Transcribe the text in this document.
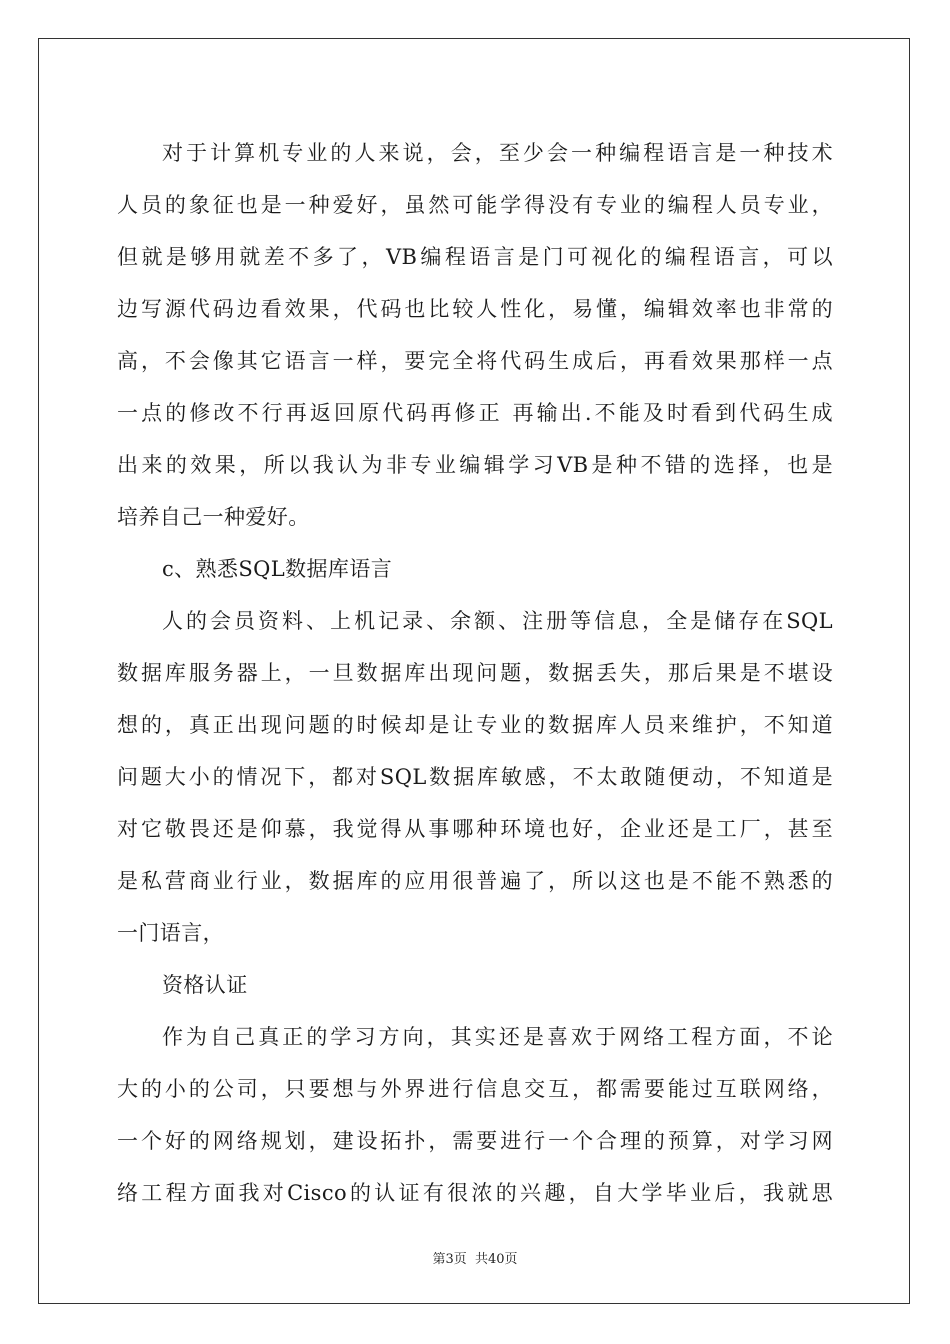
对于计算机专业的人来说，会，至少会一种编程语言是一种技术
人员的象征也是一种爱好，虽然可能学得没有专业的编程人员专业，
但就是够用就差不多了，VB编程语言是门可视化的编程语言，可以
边写源代码边看效果，代码也比较人性化，易懂，编辑效率也非常的
高，不会像其它语言一样，要完全将代码生成后，再看效果那样一点
一点的修改不行再返回原代码再修正 再输出.不能及时看到代码生成
出来的效果，所以我认为非专业编辑学习VB是种不错的选择，也是
培养自己一种爱好。
c、熟悉SQL数据库语言
人的会员资料、上机记录、余额、注册等信息，全是储存在SQL
数据库服务器上，一旦数据库出现问题，数据丢失，那后果是不堪设
想的，真正出现问题的时候却是让专业的数据库人员来维护，不知道
问题大小的情况下，都对SQL数据库敏感，不太敢随便动，不知道是
对它敬畏还是仰慕，我觉得从事哪种环境也好，企业还是工厂，甚至
是私营商业行业，数据库的应用很普遍了，所以这也是不能不熟悉的
一门语言，
资格认证
作为自己真正的学习方向，其实还是喜欢于网络工程方面，不论
大的小的公司，只要想与外界进行信息交互，都需要能过互联网络，
一个好的网络规划，建设拓扑，需要进行一个合理的预算，对学习网
络工程方面我对Cisco的认证有很浓的兴趣，自大学毕业后，我就思
第3页 共40页
